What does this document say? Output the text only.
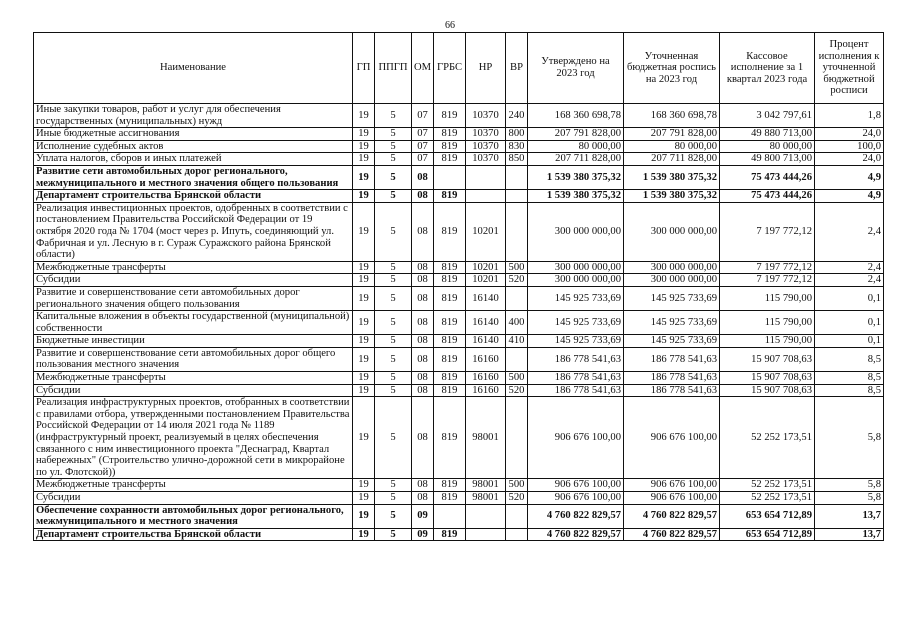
66
Наименование	ГП	ППГП	ОМ	ГРБС	НР	ВР	Утверждено на 2023 год	Уточненная бюджетная роспись на 2023 год	Кассовое исполнение за 1 квартал 2023 года	Процент исполнения к уточненной бюджетной росписи
Иные закупки товаров, работ и услуг для обеспечения государственных (муниципальных) нужд	19	5	07	819	10370	240	168 360 698,78	168 360 698,78	3 042 797,61	1,8
Иные бюджетные ассигнования	19	5	07	819	10370	800	207 791 828,00	207 791 828,00	49 880 713,00	24,0
Исполнение судебных актов	19	5	07	819	10370	830	80 000,00	80 000,00	80 000,00	100,0
Уплата налогов, сборов и иных платежей	19	5	07	819	10370	850	207 711 828,00	207 711 828,00	49 800 713,00	24,0
Развитие сети автомобильных дорог регионального, межмуниципального и местного значения общего пользования	19	5	08				1 539 380 375,32	1 539 380 375,32	75 473 444,26	4,9
Департамент строительства Брянской области	19	5	08	819			1 539 380 375,32	1 539 380 375,32	75 473 444,26	4,9
Реализация инвестиционных проектов, одобренных в соответствии с постановлением Правительства Российской Федерации от 19 октября 2020 года № 1704 (мост через р. Ипуть, соединяющий ул. Фабричная и ул. Лесную в г. Сураж Суражского района Брянской области)	19	5	08	819	10201		300 000 000,00	300 000 000,00	7 197 772,12	2,4
Межбюджетные трансферты	19	5	08	819	10201	500	300 000 000,00	300 000 000,00	7 197 772,12	2,4
Субсидии	19	5	08	819	10201	520	300 000 000,00	300 000 000,00	7 197 772,12	2,4
Развитие и совершенствование сети автомобильных дорог регионального значения общего пользования	19	5	08	819	16140		145 925 733,69	145 925 733,69	115 790,00	0,1
Капитальные вложения в объекты государственной (муниципальной) собственности	19	5	08	819	16140	400	145 925 733,69	145 925 733,69	115 790,00	0,1
Бюджетные инвестиции	19	5	08	819	16140	410	145 925 733,69	145 925 733,69	115 790,00	0,1
Развитие и совершенствование сети автомобильных дорог общего пользования местного значения	19	5	08	819	16160		186 778 541,63	186 778 541,63	15 907 708,63	8,5
Межбюджетные трансферты	19	5	08	819	16160	500	186 778 541,63	186 778 541,63	15 907 708,63	8,5
Субсидии	19	5	08	819	16160	520	186 778 541,63	186 778 541,63	15 907 708,63	8,5
Реализация инфраструктурных проектов, отобранных в соответствии с правилами отбора, утвержденными постановлением Правительства Российской Федерации от 14 июля 2021 года № 1189 (инфраструктурный проект, реализуемый в целях обеспечения связанного с ним инвестиционного проекта "Деснаград, Квартал набережных" (Строительство улично-дорожной сети в микрорайоне по ул. Флотской))	19	5	08	819	98001		906 676 100,00	906 676 100,00	52 252 173,51	5,8
Межбюджетные трансферты	19	5	08	819	98001	500	906 676 100,00	906 676 100,00	52 252 173,51	5,8
Субсидии	19	5	08	819	98001	520	906 676 100,00	906 676 100,00	52 252 173,51	5,8
Обеспечение сохранности автомобильных дорог регионального, межмуниципального и местного значения	19	5	09				4 760 822 829,57	4 760 822 829,57	653 654 712,89	13,7
Департамент строительства Брянской области	19	5	09	819			4 760 822 829,57	4 760 822 829,57	653 654 712,89	13,7
